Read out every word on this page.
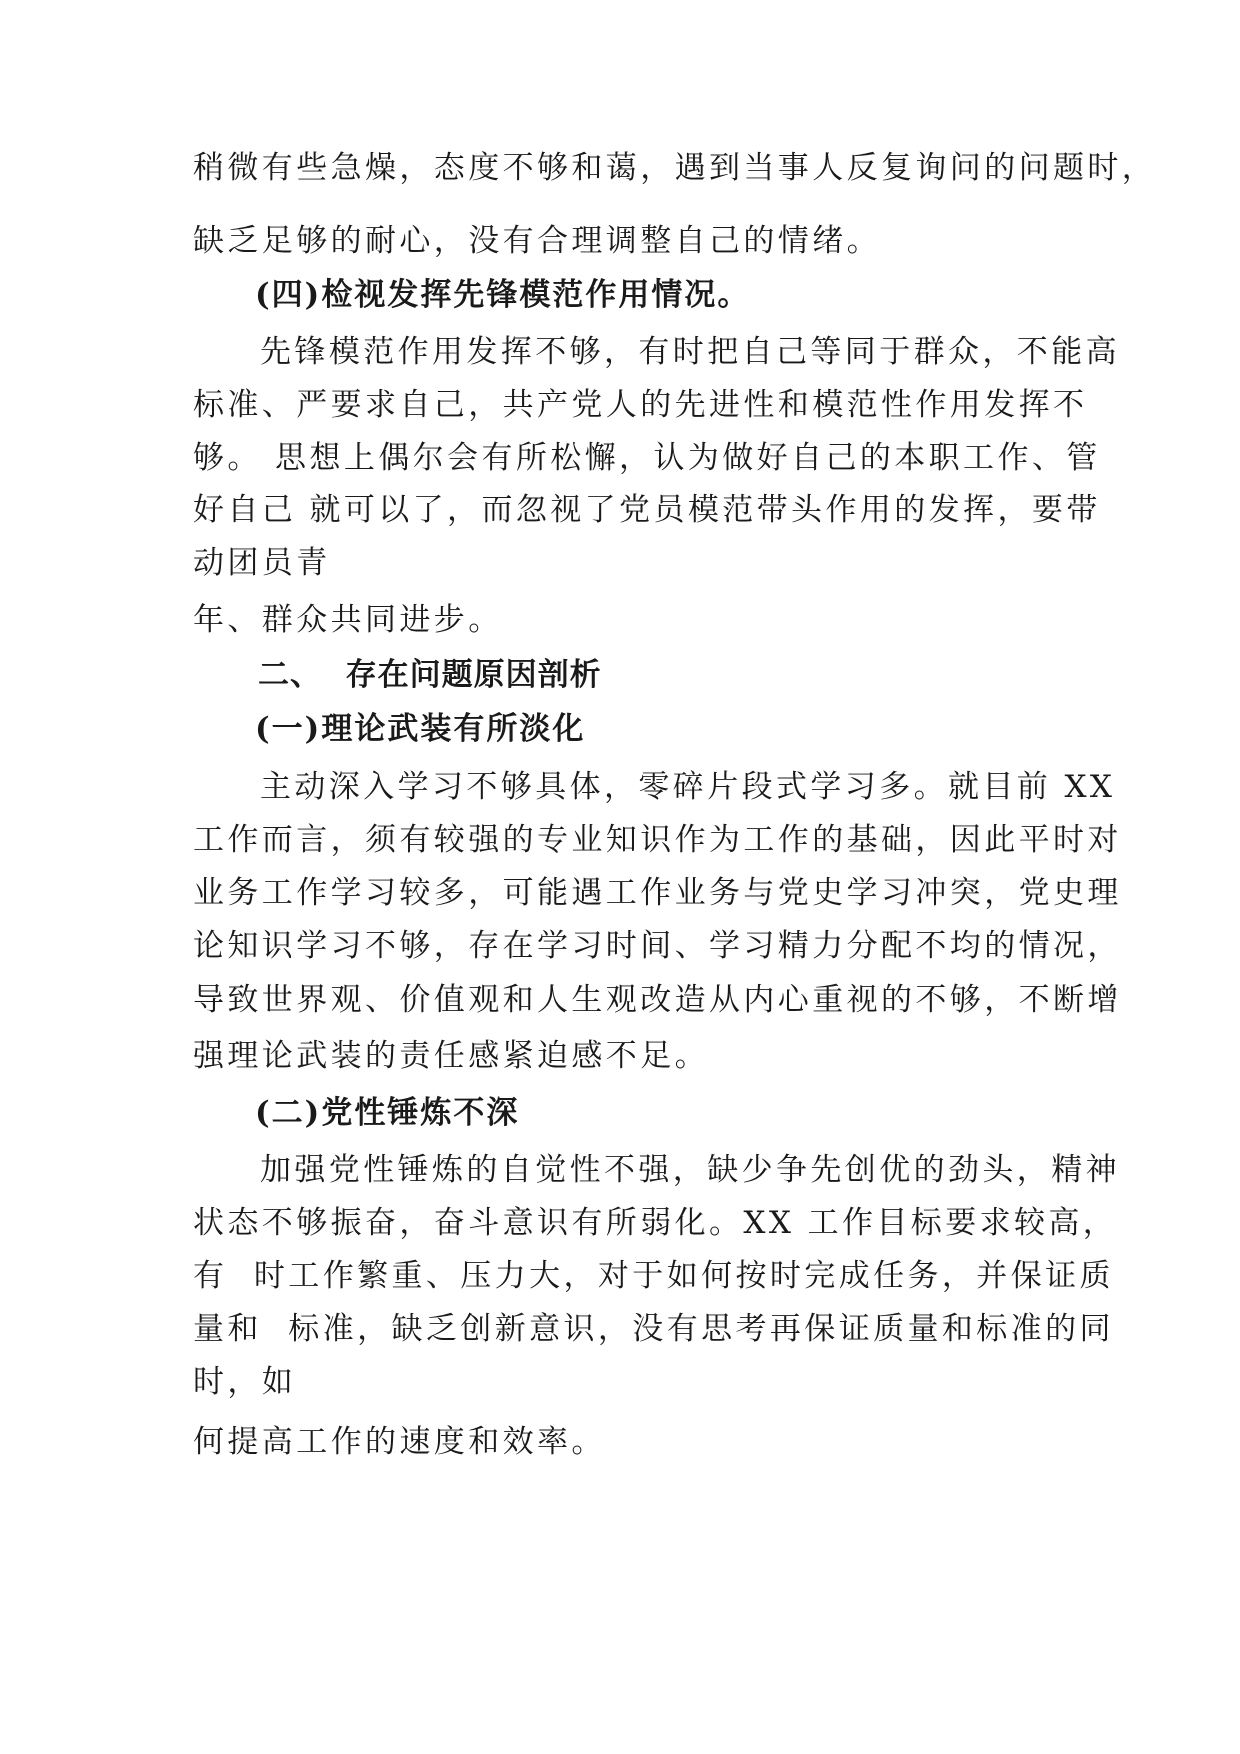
稍微有些急燥，态度不够和蔼，遇到当事人反复询问的问题时，

缺乏足够的耐心，没有合理调整自己的情绪。

(四)检视发挥先锋模范作用情况。

先锋模范作用发挥不够，有时把自己等同于群众，不能高

标准、严要求自己，共产党人的先进性和模范性作用发挥不

够。 思想上偶尔会有所松懈，认为做好自己的本职工作、管

好自己 就可以了，而忽视了党员模范带头作用的发挥，要带

动团员青

年、群众共同进步。

二、  存在问题原因剖析

(一)理论武装有所淡化

主动深入学习不够具体，零碎片段式学习多。就目前 XX

工作而言，须有较强的专业知识作为工作的基础，因此平时对

业务工作学习较多，可能遇工作业务与党史学习冲突，党史理

论知识学习不够，存在学习时间、学习精力分配不均的情况，

导致世界观、价值观和人生观改造从内心重视的不够，不断增

强理论武装的责任感紧迫感不足。

(二)党性锤炼不深

加强党性锤炼的自觉性不强，缺少争先创优的劲头，精神

状态不够振奋，奋斗意识有所弱化。XX 工作目标要求较高，

有  时工作繁重、压力大，对于如何按时完成任务，并保证质

量和  标准，缺乏创新意识，没有思考再保证质量和标准的同

时，如

何提高工作的速度和效率。
